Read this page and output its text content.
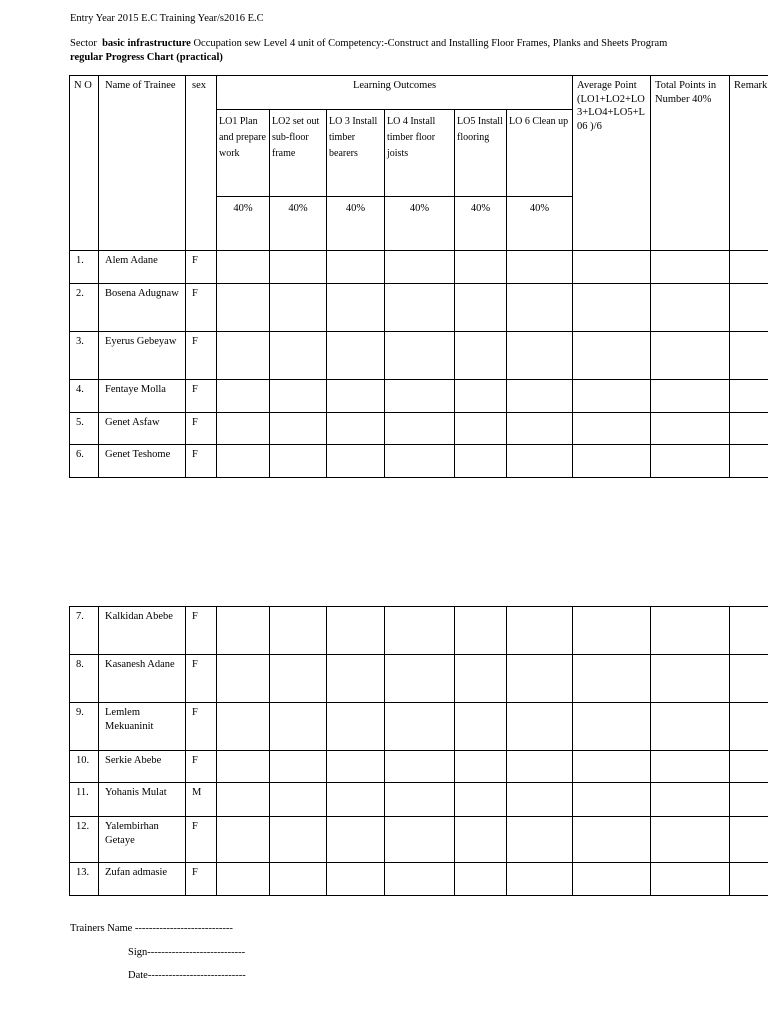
Entry Year 2015 E.C Training Year/s2016 E.C
Sector basic infrastructure Occupation sew Level 4 unit of Competency:-Construct and Installing Floor Frames, Planks and Sheets Program
regular Progress Chart (practical)
N O	Name of Trainee	sex	Learning Outcomes						Average Point (LO1+LO2+LO3+LO4+LO5+L06 )/6	Total Points in Number 40%	Remark
			LO1 Plan and prepare work	LO2 set out sub-floor frame	LO 3 Install timber bearers	LO 4 Install timber floor joists	LO5 Install flooring	LO 6 Clean up			
			40%	40%	40%	40%	40%	40%			
1.	Alem Adane	F									
2.	Bosena Adugnaw	F									
3.	Eyerus Gebeyaw	F									
4.	Fentaye Molla	F									
5.	Genet Asfaw	F									
6.	Genet Teshome	F									
7.	Kalkidan Abebe	F									
8.	Kasanesh Adane	F									
9.	Lemlem Mekuaninit	F									
10.	Serkie Abebe	F									
11.	Yohanis Mulat	M									
12.	Yalembirhan Getaye	F									
13.	Zufan admasie	F									
Trainers Name ----------------------------
Sign----------------------------
Date----------------------------
